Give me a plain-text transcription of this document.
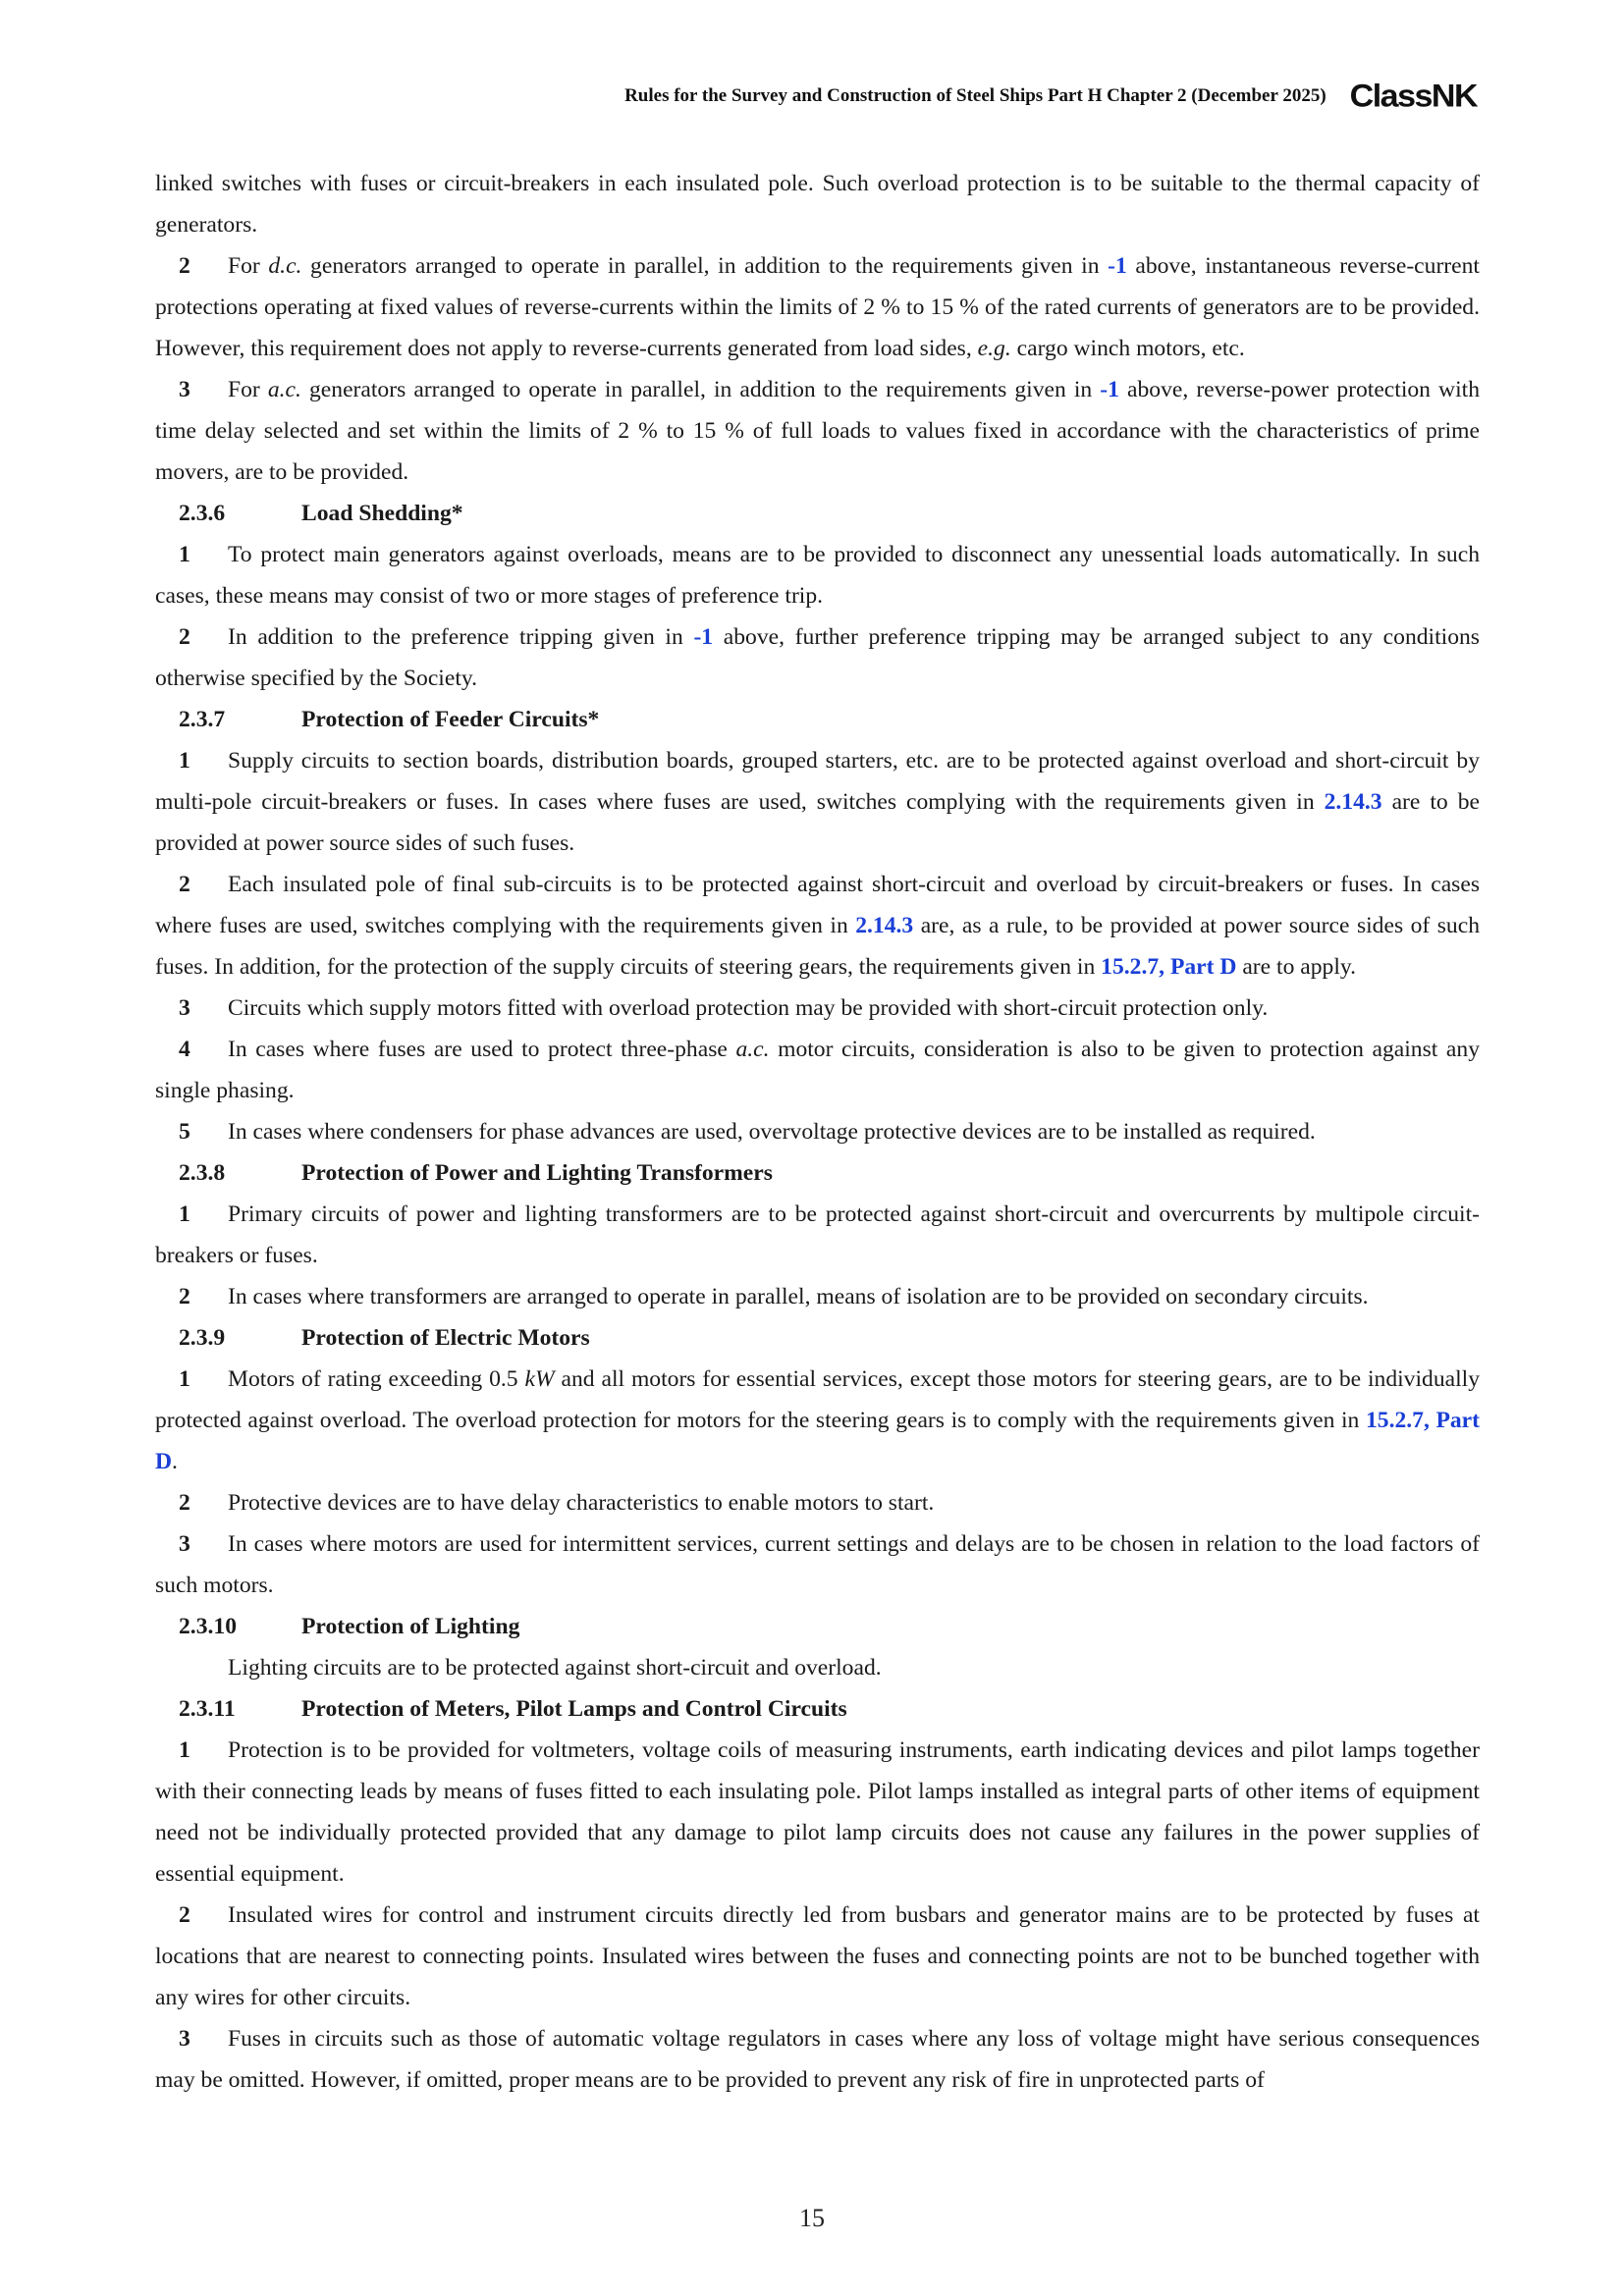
Rules for the Survey and Construction of Steel Ships Part H Chapter 2 (December 2025) ClassNK

linked switches with fuses or circuit-breakers in each insulated pole. Such overload protection is to be suitable to the thermal capacity of generators.

2 For d.c. generators arranged to operate in parallel, in addition to the requirements given in -1 above, instantaneous reverse-current protections operating at fixed values of reverse-currents within the limits of 2 % to 15 % of the rated currents of generators are to be provided. However, this requirement does not apply to reverse-currents generated from load sides, e.g. cargo winch motors, etc.

3 For a.c. generators arranged to operate in parallel, in addition to the requirements given in -1 above, reverse-power protection with time delay selected and set within the limits of 2 % to 15 % of full loads to values fixed in accordance with the characteristics of prime movers, are to be provided.

2.3.6	Load Shedding*

1 To protect main generators against overloads, means are to be provided to disconnect any unessential loads automatically. In such cases, these means may consist of two or more stages of preference trip.

2 In addition to the preference tripping given in -1 above, further preference tripping may be arranged subject to any conditions otherwise specified by the Society.

2.3.7	Protection of Feeder Circuits*

1 Supply circuits to section boards, distribution boards, grouped starters, etc. are to be protected against overload and short-circuit by multi-pole circuit-breakers or fuses. In cases where fuses are used, switches complying with the requirements given in 2.14.3 are to be provided at power source sides of such fuses.

2 Each insulated pole of final sub-circuits is to be protected against short-circuit and overload by circuit-breakers or fuses. In cases where fuses are used, switches complying with the requirements given in 2.14.3 are, as a rule, to be provided at power source sides of such fuses. In addition, for the protection of the supply circuits of steering gears, the requirements given in 15.2.7, Part D are to apply.

3 Circuits which supply motors fitted with overload protection may be provided with short-circuit protection only.

4 In cases where fuses are used to protect three-phase a.c. motor circuits, consideration is also to be given to protection against any single phasing.

5 In cases where condensers for phase advances are used, overvoltage protective devices are to be installed as required.

2.3.8	Protection of Power and Lighting Transformers

1 Primary circuits of power and lighting transformers are to be protected against short-circuit and overcurrents by multipole circuit-breakers or fuses.

2 In cases where transformers are arranged to operate in parallel, means of isolation are to be provided on secondary circuits.

2.3.9	Protection of Electric Motors

1 Motors of rating exceeding 0.5 kW and all motors for essential services, except those motors for steering gears, are to be individually protected against overload. The overload protection for motors for the steering gears is to comply with the requirements given in 15.2.7, Part D.

2 Protective devices are to have delay characteristics to enable motors to start.

3 In cases where motors are used for intermittent services, current settings and delays are to be chosen in relation to the load factors of such motors.

2.3.10	Protection of Lighting

Lighting circuits are to be protected against short-circuit and overload.

2.3.11	Protection of Meters, Pilot Lamps and Control Circuits

1 Protection is to be provided for voltmeters, voltage coils of measuring instruments, earth indicating devices and pilot lamps together with their connecting leads by means of fuses fitted to each insulating pole. Pilot lamps installed as integral parts of other items of equipment need not be individually protected provided that any damage to pilot lamp circuits does not cause any failures in the power supplies of essential equipment.

2 Insulated wires for control and instrument circuits directly led from busbars and generator mains are to be protected by fuses at locations that are nearest to connecting points. Insulated wires between the fuses and connecting points are not to be bunched together with any wires for other circuits.

3 Fuses in circuits such as those of automatic voltage regulators in cases where any loss of voltage might have serious consequences may be omitted. However, if omitted, proper means are to be provided to prevent any risk of fire in unprotected parts of

15
